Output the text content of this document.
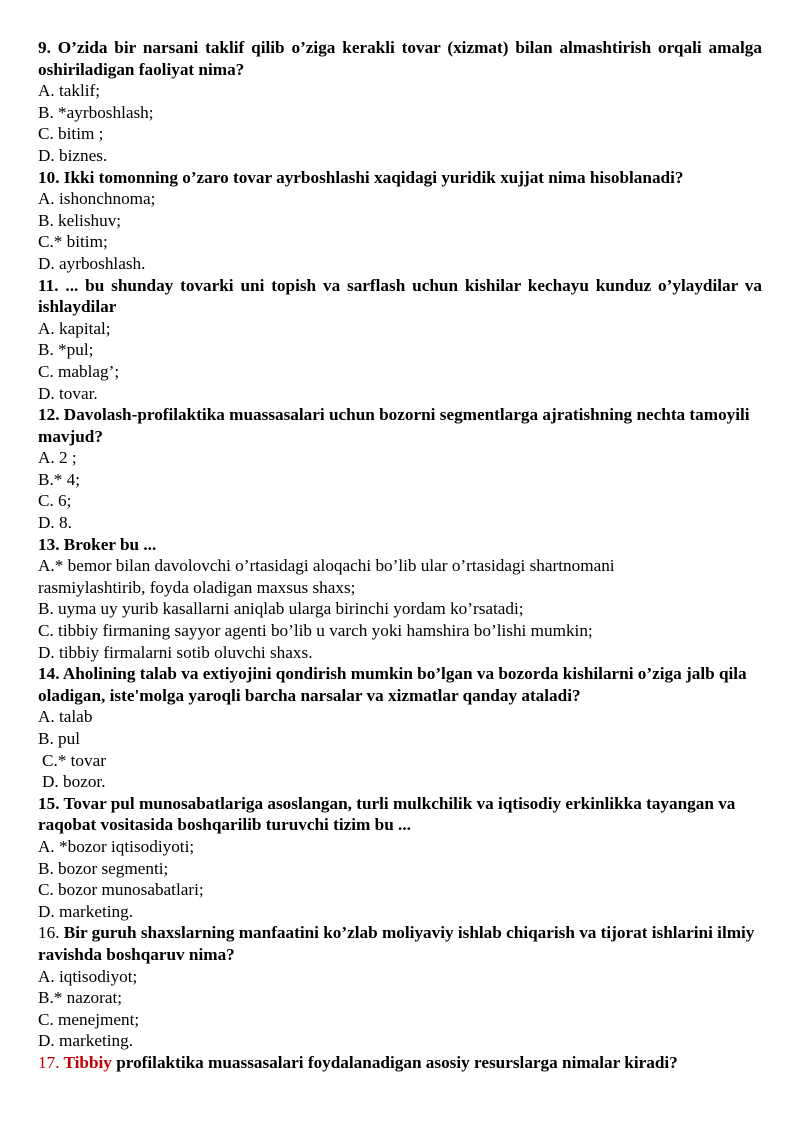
9. O’zida bir narsani taklif qilib o’ziga kerakli tovar (xizmat) bilan almashtirish orqali amalga oshiriladigan faoliyat nima?

A. taklif;

B. *ayrboshlash;

C. bitim ;

D. biznes.

10. Ikki tomonning o’zaro tovar ayrboshlashi xaqidagi yuridik xujjat nima hisoblanadi?

A. ishonchnoma;

B. kelishuv;

C.* bitim;

D. ayrboshlash.

11. ... bu shunday tovarki uni topish va sarflash uchun kishilar kechayu kunduz o’ylaydilar va ishlaydilar

A. kapital;

B. *pul;

C. mablag’;

D. tovar.

12. Davolash-profilaktika muassasalari uchun bozorni segmentlarga ajratishning nechta tamoyili mavjud?

A. 2 ;

B.* 4;

C. 6;

D. 8.

13. Broker bu ...

A.* bemor bilan davolovchi o’rtasidagi aloqachi bo’lib ular o’rtasidagi shartnomani

rasmiylashtirib, foyda oladigan maxsus shaxs;

B. uyma uy yurib kasallarni aniqlab ularga birinchi yordam ko’rsatadi;

C. tibbiy firmaning sayyor agenti bo’lib u varch yoki hamshira bo’lishi mumkin;

D. tibbiy firmalarni sotib oluvchi shaxs.

14. Aholining talab va extiyojini qondirish mumkin bo’lgan va bozorda kishilarni o’ziga jalb qila oladigan, iste'molga yaroqli barcha narsalar va xizmatlar qanday ataladi?

A. talab

B. pul

C.* tovar

D. bozor.

15. Tovar pul munosabatlariga asoslangan, turli mulkchilik va iqtisodiy erkinlikka tayangan va raqobat vositasida boshqarilib turuvchi tizim bu ...

A. *bozor iqtisodiyoti;

B. bozor segmenti;

C. bozor munosabatlari;

D. marketing.

16. Bir guruh shaxslarning manfaatini ko’zlab moliyaviy ishlab chiqarish va tijorat ishlarini ilmiy ravishda boshqaruv nima?

A. iqtisodiyot;

B.* nazorat;

C. menejment;

D. marketing.

17. Tibbiy profilaktika muassasalari foydalanadigan asosiy resurslarga nimalar kiradi?
